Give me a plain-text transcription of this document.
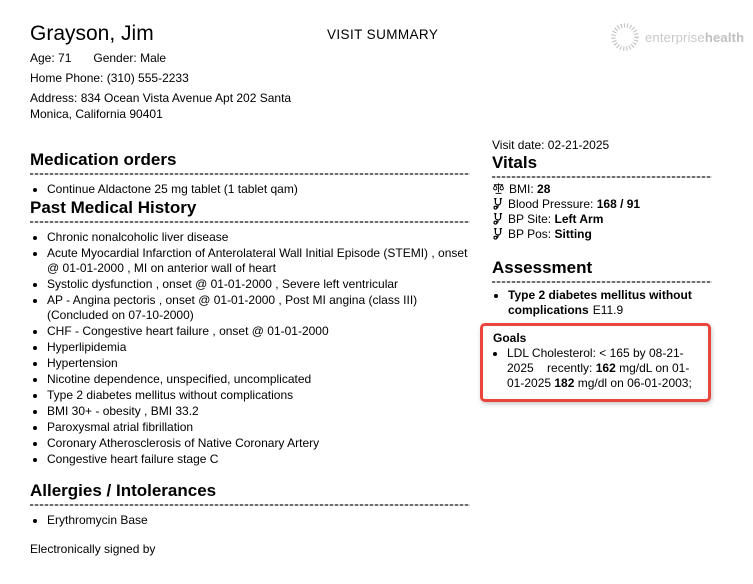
Grayson, Jim	VISIT SUMMARY

Age: 71 Gender: Male

Home Phone: (310) 555-2233

Address: 834 Ocean Vista Avenue Apt 202 Santa Monica, California 90401

enterprisehealth
Medication orders
• Continue Aldactone 25 mg tablet (1 tablet qam)
Past Medical History
• Chronic nonalcoholic liver disease
• Acute Myocardial Infarction of Anterolateral Wall Initial Episode (STEMI) , onset @ 01-01-2000 , MI on anterior wall of heart
• Systolic dysfunction , onset @ 01-01-2000 , Severe left ventricular
• AP - Angina pectoris , onset @ 01-01-2000 , Post MI angina (class III) (Concluded on 07-10-2000)
• CHF - Congestive heart failure , onset @ 01-01-2000
• Hyperlipidemia
• Hypertension
• Nicotine dependence, unspecified, uncomplicated
• Type 2 diabetes mellitus without complications
• BMI 30+ - obesity , BMI 33.2
• Paroxysmal atrial fibrillation
• Coronary Atherosclerosis of Native Coronary Artery
• Congestive heart failure stage C
Allergies / Intolerances
• Erythromycin Base
Electronically signed by

Visit date: 02-21-2025

Vitals
BMI: 28
Blood Pressure: 168 / 91
BP Site: Left Arm
BP Pos: Sitting
Assessment
• Type 2 diabetes mellitus without complications E11.9

Goals

• LDL Cholesterol: < 165 by 08-21-2025    recently: 162 mg/dL on 01-01-2025 182 mg/dl on 06-01-2003;
